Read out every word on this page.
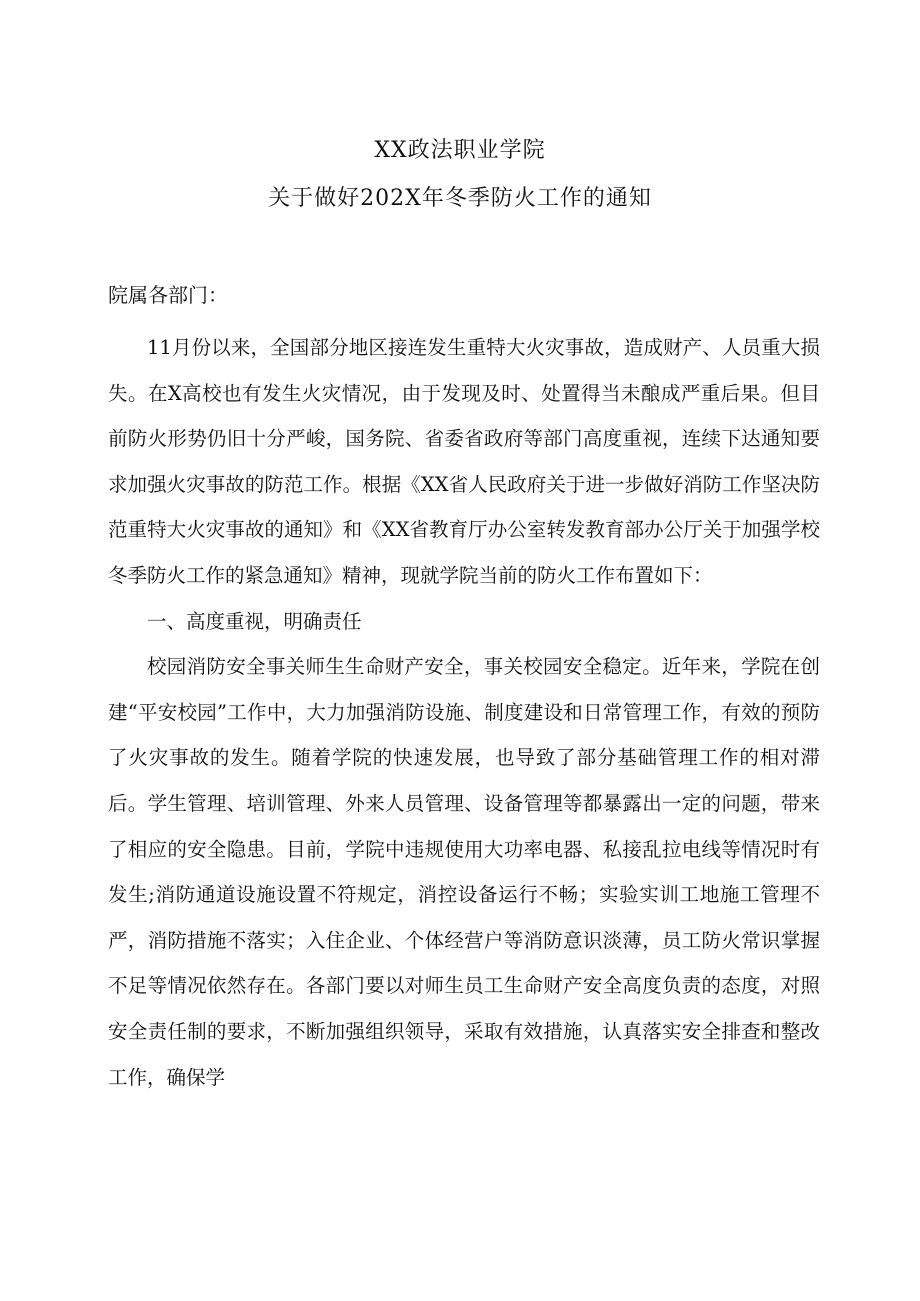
XX政法职业学院
关于做好202X年冬季防火工作的通知
院属各部门：

11月份以来，全国部分地区接连发生重特大火灾事故，造成财产、人员重大损失。在X高校也有发生火灾情况，由于发现及时、处置得当未酿成严重后果。但目前防火形势仍旧十分严峻，国务院、省委省政府等部门高度重视，连续下达通知要求加强火灾事故的防范工作。根据《XX省人民政府关于进一步做好消防工作坚决防范重特大火灾事故的通知》和《XX省教育厅办公室转发教育部办公厅关于加强学校冬季防火工作的紧急通知》精神，现就学院当前的防火工作布置如下：

一、高度重视，明确责任

校园消防安全事关师生生命财产安全，事关校园安全稳定。近年来，学院在创建“平安校园”工作中，大力加强消防设施、制度建设和日常管理工作，有效的预防了火灾事故的发生。随着学院的快速发展，也导致了部分基础管理工作的相对滞后。学生管理、培训管理、外来人员管理、设备管理等都暴露出一定的问题，带来了相应的安全隐患。目前，学院中违规使用大功率电器、私接乱拉电线等情况时有发生;消防通道设施设置不符规定，消控设备运行不畅；实验实训工地施工管理不严，消防措施不落实；入住企业、个体经营户等消防意识淡薄，员工防火常识掌握不足等情况依然存在。各部门要以对师生员工生命财产安全高度负责的态度，对照安全责任制的要求，不断加强组织领导，采取有效措施，认真落实安全排查和整改工作，确保学
